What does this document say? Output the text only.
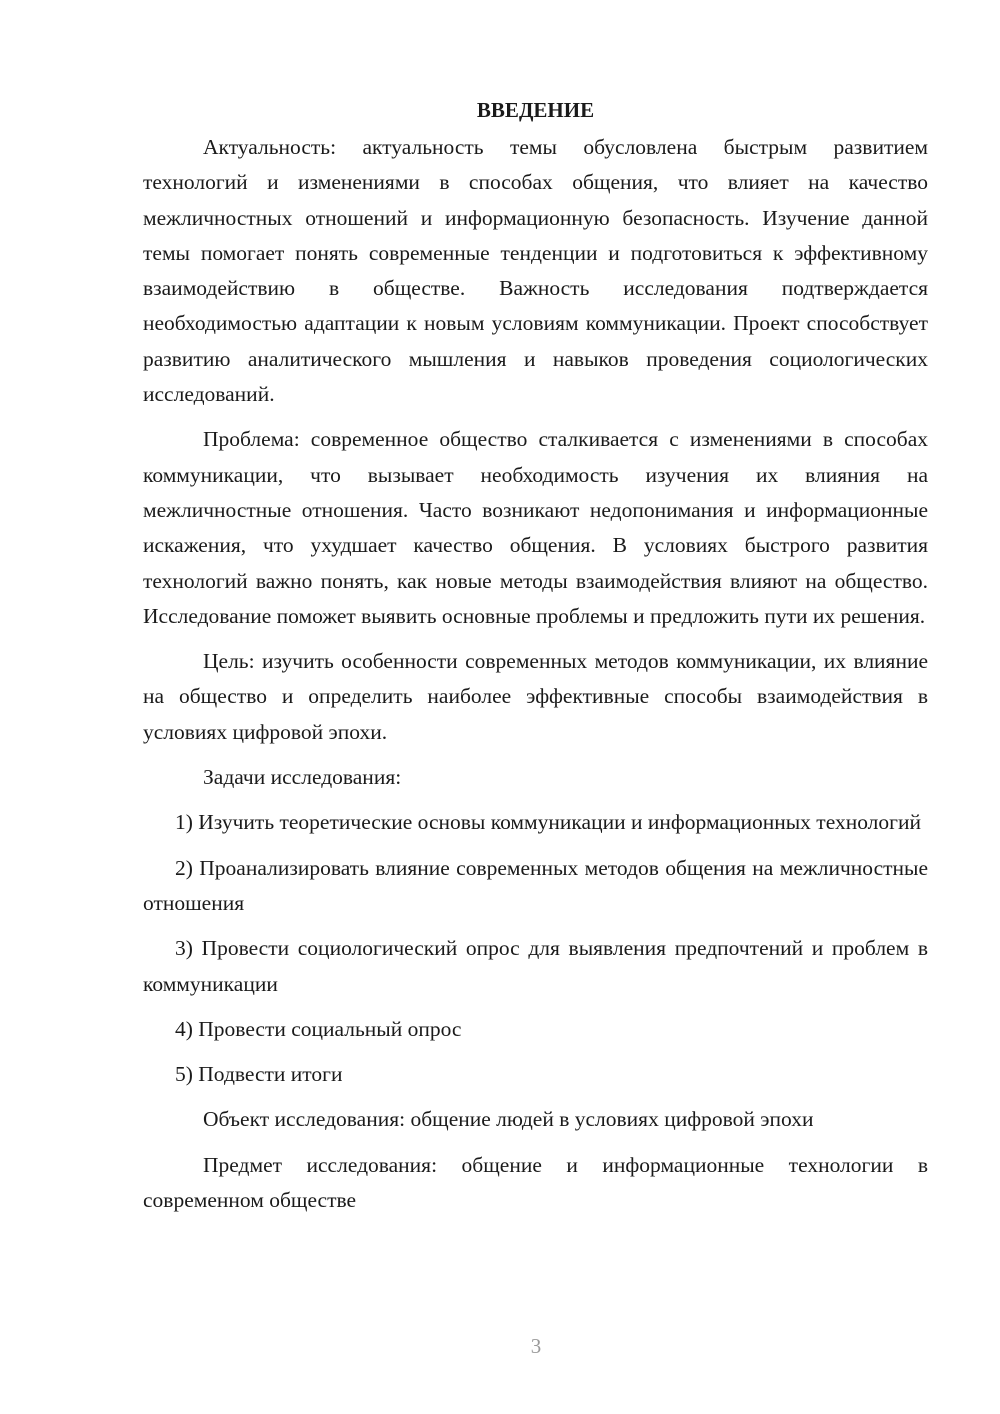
ВВЕДЕНИЕ

Актуальность: актуальность темы обусловлена быстрым развитием технологий и изменениями в способах общения, что влияет на качество межличностных отношений и информационную безопасность. Изучение данной темы помогает понять современные тенденции и подготовиться к эффективному взаимодействию в обществе. Важность исследования подтверждается необходимостью адаптации к новым условиям коммуникации. Проект способствует развитию аналитического мышления и навыков проведения социологических исследований.

Проблема: современное общество сталкивается с изменениями в способах коммуникации, что вызывает необходимость изучения их влияния на межличностные отношения. Часто возникают недопонимания и информационные искажения, что ухудшает качество общения. В условиях быстрого развития технологий важно понять, как новые методы взаимодействия влияют на общество. Исследование поможет выявить основные проблемы и предложить пути их решения.

Цель: изучить особенности современных методов коммуникации, их влияние на общество и определить наиболее эффективные способы взаимодействия в условиях цифровой эпохи.

Задачи исследования:

1) Изучить теоретические основы коммуникации и информационных технологий

2) Проанализировать влияние современных методов общения на межличностные отношения

3) Провести социологический опрос для выявления предпочтений и проблем в коммуникации

4) Провести социальный опрос

5) Подвести итоги

Объект исследования: общение людей в условиях цифровой эпохи

Предмет исследования: общение и информационные технологии в современном обществе

3
